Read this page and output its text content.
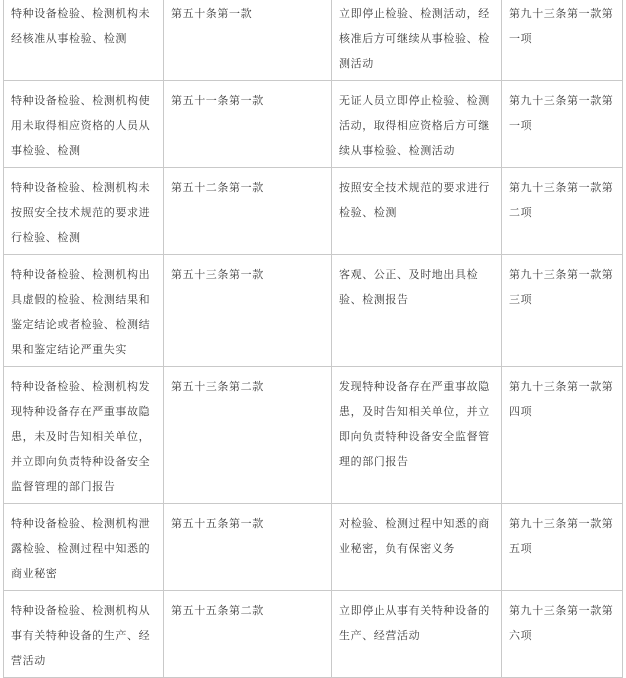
特种设备检验、检测机构未经核准从事检验、检测	第五十条第一款	立即停止检验、检测活动，经核准后方可继续从事检验、检测活动	第九十三条第一款第一项
特种设备检验、检测机构使用未取得相应资格的人员从事检验、检测	第五十一条第一款	无证人员立即停止检验、检测活动，取得相应资格后方可继续从事检验、检测活动	第九十三条第一款第一项
特种设备检验、检测机构未按照安全技术规范的要求进行检验、检测	第五十二条第一款	按照安全技术规范的要求进行检验、检测	第九十三条第一款第二项
特种设备检验、检测机构出具虚假的检验、检测结果和鉴定结论或者检验、检测结果和鉴定结论严重失实	第五十三条第一款	客观、公正、及时地出具检验、检测报告	第九十三条第一款第三项
特种设备检验、检测机构发现特种设备存在严重事故隐患，未及时告知相关单位，并立即向负责特种设备安全监督管理的部门报告	第五十三条第二款	发现特种设备存在严重事故隐患，及时告知相关单位，并立即向负责特种设备安全监督管理的部门报告	第九十三条第一款第四项
特种设备检验、检测机构泄露检验、检测过程中知悉的商业秘密	第五十五条第一款	对检验、检测过程中知悉的商业秘密，负有保密义务	第九十三条第一款第五项
特种设备检验、检测机构从事有关特种设备的生产、经营活动	第五十五条第二款	立即停止从事有关特种设备的生产、经营活动	第九十三条第一款第六项
